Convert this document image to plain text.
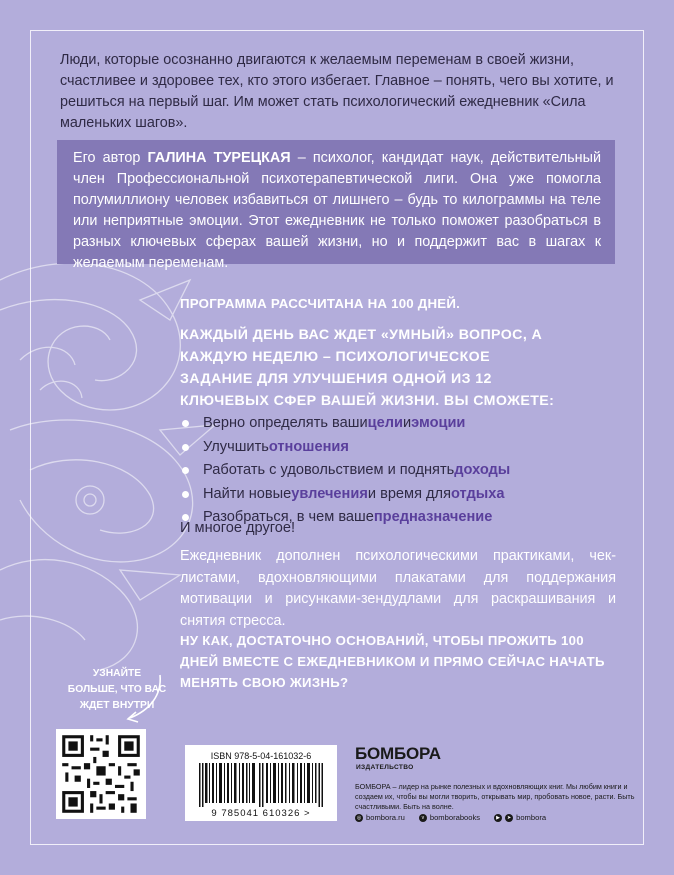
Люди, которые осознанно двигаются к желаемым переменам в своей жизни, счастливее и здоровее тех, кто этого избегает. Главное – понять, чего вы хотите, и решиться на первый шаг. Им может стать психологический ежедневник «Сила маленьких шагов».
Его автор ГАЛИНА ТУРЕЦКАЯ – психолог, кандидат наук, действительный член Профессиональной психотерапевтической лиги. Она уже помогла полумиллиону человек избавиться от лишнего – будь то килограммы на теле или неприятные эмоции. Этот ежедневник не только поможет разобраться в разных ключевых сферах вашей жизни, но и поддержит вас в шагах к желаемым переменам.
ПРОГРАММА РАССЧИТАНА НА 100 ДНЕЙ.
КАЖДЫЙ ДЕНЬ ВАС ЖДЕТ «УМНЫЙ» ВОПРОС, А КАЖДУЮ НЕДЕЛЮ – ПСИХОЛОГИЧЕСКОЕ ЗАДАНИЕ ДЛЯ УЛУЧШЕНИЯ ОДНОЙ ИЗ 12 КЛЮЧЕВЫХ СФЕР ВАШЕЙ ЖИЗНИ. ВЫ СМОЖЕТЕ:
Верно определять ваши цели и эмоции
Улучшить отношения
Работать с удовольствием и поднять доходы
Найти новые увлечения и время для отдыха
Разобраться, в чем ваше предназначение
И многое другое!
Ежедневник дополнен психологическими практиками, чек-листами, вдохновляющими плакатами для поддержания мотивации и рисунками-зендудлами для раскрашивания и снятия стресса.
НУ КАК, ДОСТАТОЧНО ОСНОВАНИЙ, ЧТОБЫ ПРОЖИТЬ 100 ДНЕЙ ВМЕСТЕ С ЕЖЕДНЕВНИКОМ И ПРЯМО СЕЙЧАС НАЧАТЬ МЕНЯТЬ СВОЮ ЖИЗНЬ?
УЗНАЙТЕ БОЛЬШЕ, ЧТО ВАС ЖДЕТ ВНУТРИ
ISBN 978-5-04-161032-6
9 785041 610326 >
БОМБОРА
ИЗДАТЕЛЬСТВО
БОМБОРА – лидер на рынке полезных и вдохновляющих книг. Мы любим книги и создаем их, чтобы вы могли творить, открывать мир, пробовать новое, расти. Быть счастливыми. Быть на волне.
◎ bombora.ru	v bomborabooks	▶	➤ bombora
